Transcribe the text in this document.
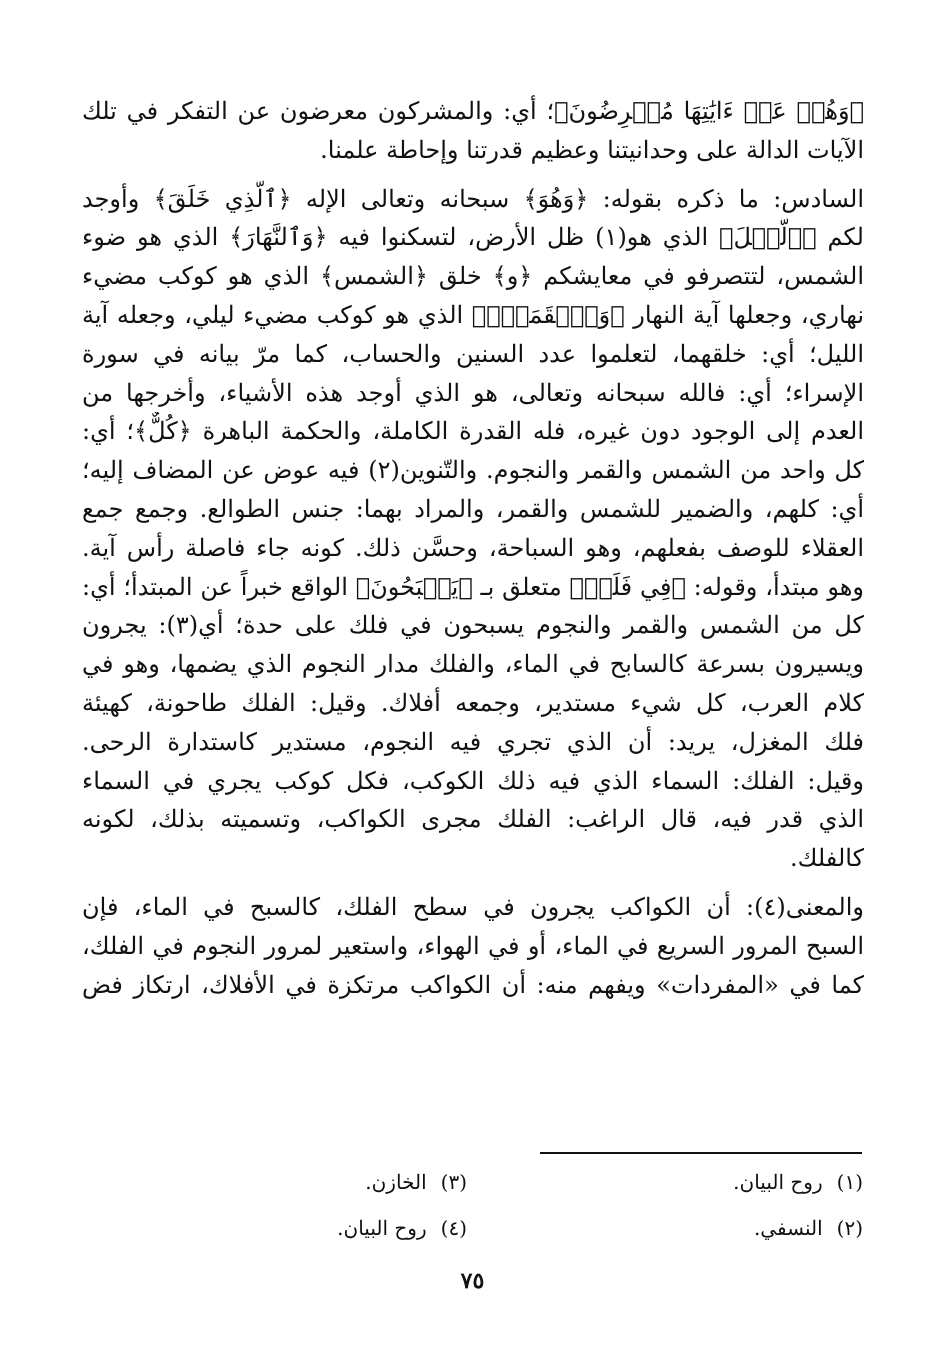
﴿وَهُمۡ عَنۡ ءَايَٰتِهَا مُعۡرِضُونَ﴾؛ أي: والمشركون معرضون عن التفكر في تلك
الآيات الدالة على وحدانيتنا وعظيم قدرتنا وإحاطة علمنا.
السادس: ما ذكره بقوله: ﴿وَهُوَ﴾ سبحانه وتعالى الإله ﴿ٱلَّذِي خَلَقَ﴾ وأوجد
لكم ﴿ٱلَّيۡلَ﴾ الذي هو(١) ظل الأرض، لتسكنوا فيه ﴿وَٱلنَّهَارَ﴾ الذي هو ضوء
الشمس، لتتصرفو في معايشكم ﴿و﴾ خلق ﴿الشمس﴾ الذي هو كوكب مضيء
نهاري، وجعلها آية النهار ﴿وَٱلۡقَمَرَۖ﴾ الذي هو كوكب مضيء ليلي، وجعله آية
الليل؛ أي: خلقهما، لتعلموا عدد السنين والحساب، كما مرّ بيانه في سورة
الإسراء؛ أي: فالله سبحانه وتعالى، هو الذي أوجد هذه الأشياء، وأخرجها من
العدم إلى الوجود دون غيره، فله القدرة الكاملة، والحكمة الباهرة ﴿كُلٌّ﴾؛ أي:
كل واحد من الشمس والقمر والنجوم. والتّنوين(٢) فيه عوض عن المضاف إليه؛
أي: كلهم، والضمير للشمس والقمر، والمراد بهما: جنس الطوالع. وجمع جمع
العقلاء للوصف بفعلهم، وهو السباحة، وحسَّن ذلك. كونه جاء فاصلة رأس آية.
وهو مبتدأ، وقوله: ﴿فِي فَلَكٖ﴾ متعلق بـ ﴿يَسۡبَحُونَ﴾ الواقع خبراً عن المبتدأ؛ أي:
كل من الشمس والقمر والنجوم يسبحون في فلك على حدة؛ أي(٣): يجرون
ويسيرون بسرعة كالسابح في الماء، والفلك مدار النجوم الذي يضمها، وهو في
كلام العرب، كل شيء مستدير، وجمعه أفلاك. وقيل: الفلك طاحونة، كهيئة
فلك المغزل، يريد: أن الذي تجري فيه النجوم، مستدير كاستدارة الرحى.
وقيل: الفلك: السماء الذي فيه ذلك الكوكب، فكل كوكب يجري في السماء
الذي قدر فيه، قال الراغب: الفلك مجرى الكواكب، وتسميته بذلك، لكونه
كالفلك.
والمعنى(٤): أن الكواكب يجرون في سطح الفلك، كالسبح في الماء، فإن
السبح المرور السريع في الماء، أو في الهواء، واستعير لمرور النجوم في الفلك،
كما في «المفردات» ويفهم منه: أن الكواكب مرتكزة في الأفلاك، ارتكاز فض
(١)روح البيان.
(٢)النسفي.
(٣)الخازن.
(٤)روح البيان.
٧٥
